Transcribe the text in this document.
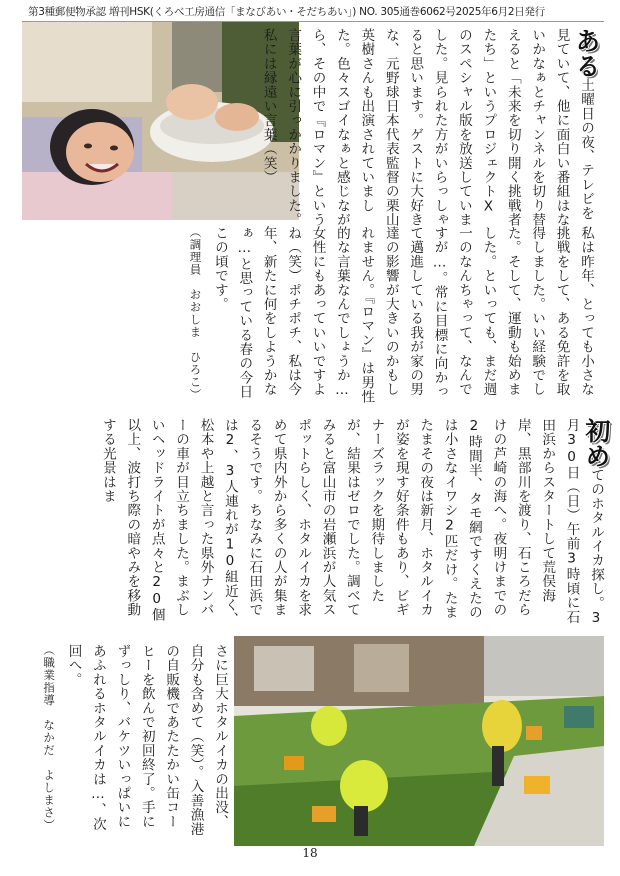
第3種郵便物承認 増刊HSK(くろべ工房通信「まなびあい・そだちあい」) NO. 305通巻6062号2025年6月2日発行
ある土曜日の夜、テレビを見ていて、他に面白い番組はないかなぁとチャンネルを切り替えると「未来を切り開く挑戦者たち」というプロジェクトXのスペシャル版を放送していました。見られた方がいらっしゃると思います。ゲストに大好きな、元野球日本代表監督の栗山英樹さんも出演されていました。色々スゴイなぁと感じながら、その中で『ロマン』という言葉が心に引っかかりました。私には縁遠い言葉（笑）
私は昨年、とっても小さな挑戦をして、ある免許を取得しました。いい経験でした。そして、運動も始めました。といっても、まだ週一のなんちゃって、なんですが…。常に目標に向かって邁進している我が家の男達の影響が大きいのかもしれません。『ロマン』は男性的な言葉なんでしょうか…女性にもあっていいですよね（笑）ポチポチ、私は今年、新たに何をしようかなぁ…と思っている春の今日この頃です。
（調理員　おおしま　ひろこ）
初めてのホタルイカ探し。3月30日（日）午前3時頃に石田浜からスタートして荒俣海岸、黒部川を渡り、石ころだらけの芦崎の海へ。夜明けまでの2時間半、タモ網ですくえたのは小さなイワシ2匹だけ。たまたまその夜は新月、ホタルイカが姿を現す好条件もあり、ビギナーズラックを期待しましたが、結果はゼロでした。調べてみると富山市の岩瀬浜が人気スポットらしく、ホタルイカを求めて県内外から多くの人が集まるそうです。ちなみに石田浜では2、3人連れが10組近く、松本や上越と言った県外ナンバーの車が目立ちました。まぶしいヘッドライトが点々と20個以上、波打ち際の暗やみを移動する光景はま
さに巨大ホタルイカの出没、自分も含めて（笑）。入善漁港の自販機であたたかい缶コーヒーを飲んで初回終了。手にずっしり、バケツいっぱいにあふれるホタルイカは…、次回へ。
（職業指導　なかだ　よしまさ）
18
